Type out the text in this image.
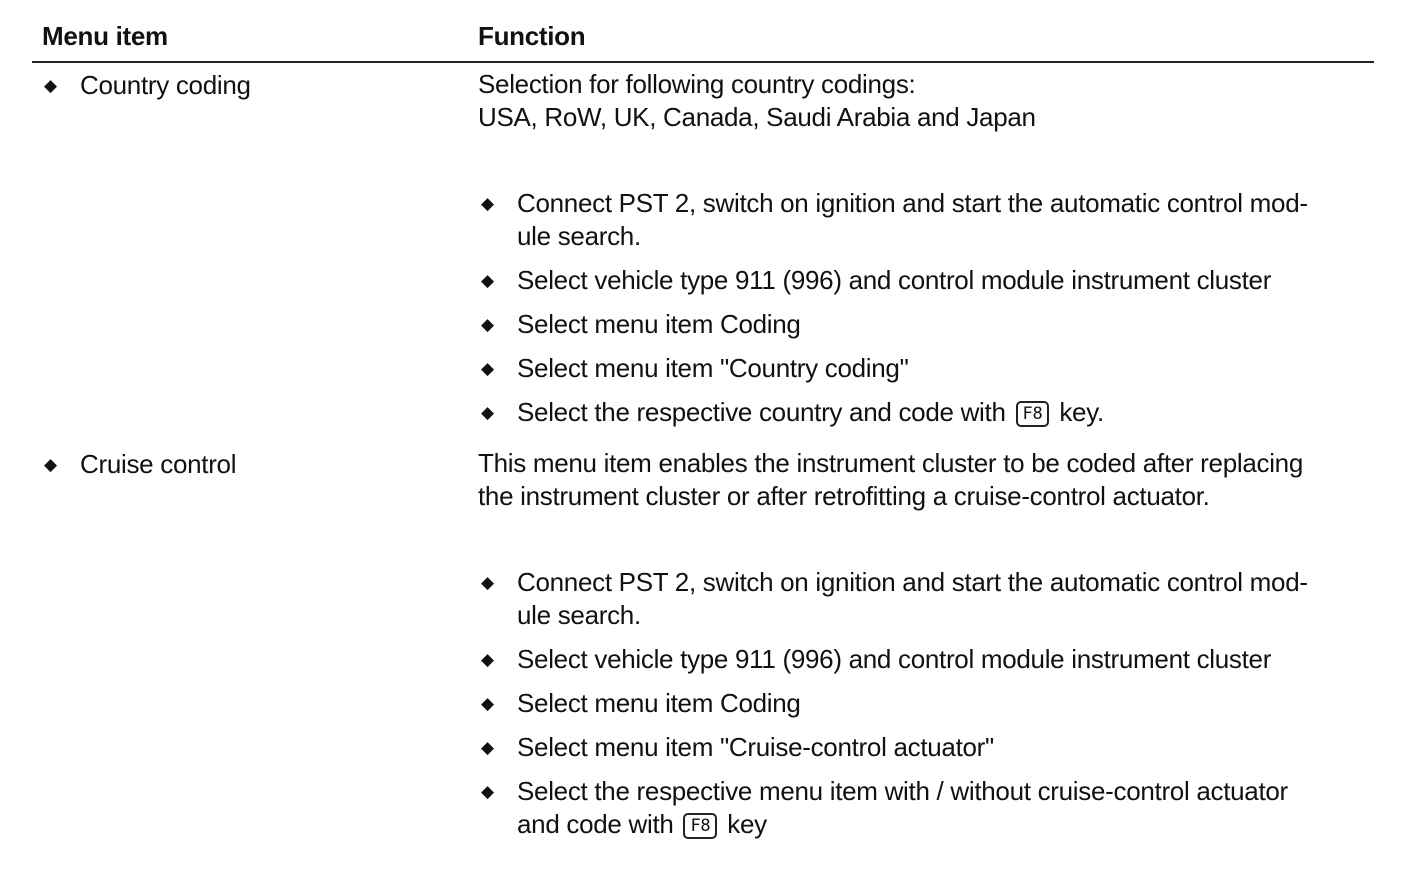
Menu item	Function
◆ Country coding	Selection for following country codings:
USA, RoW, UK, Canada, Saudi Arabia and Japan
◆ Connect PST 2, switch on ignition and start the automatic control mod-
ule search.
◆ Select vehicle type 911 (996) and control module instrument cluster
◆ Select menu item Coding
◆ Select menu item "Country coding"
◆ Select the respective country and code with F8 key.
◆ Cruise control	This menu item enables the instrument cluster to be coded after replacing
the instrument cluster or after retrofitting a cruise-control actuator.
◆ Connect PST 2, switch on ignition and start the automatic control mod-
ule search.
◆ Select vehicle type 911 (996) and control module instrument cluster
◆ Select menu item Coding
◆ Select menu item "Cruise-control actuator"
◆ Select the respective menu item with / without cruise-control actuator
and code with F8 key
